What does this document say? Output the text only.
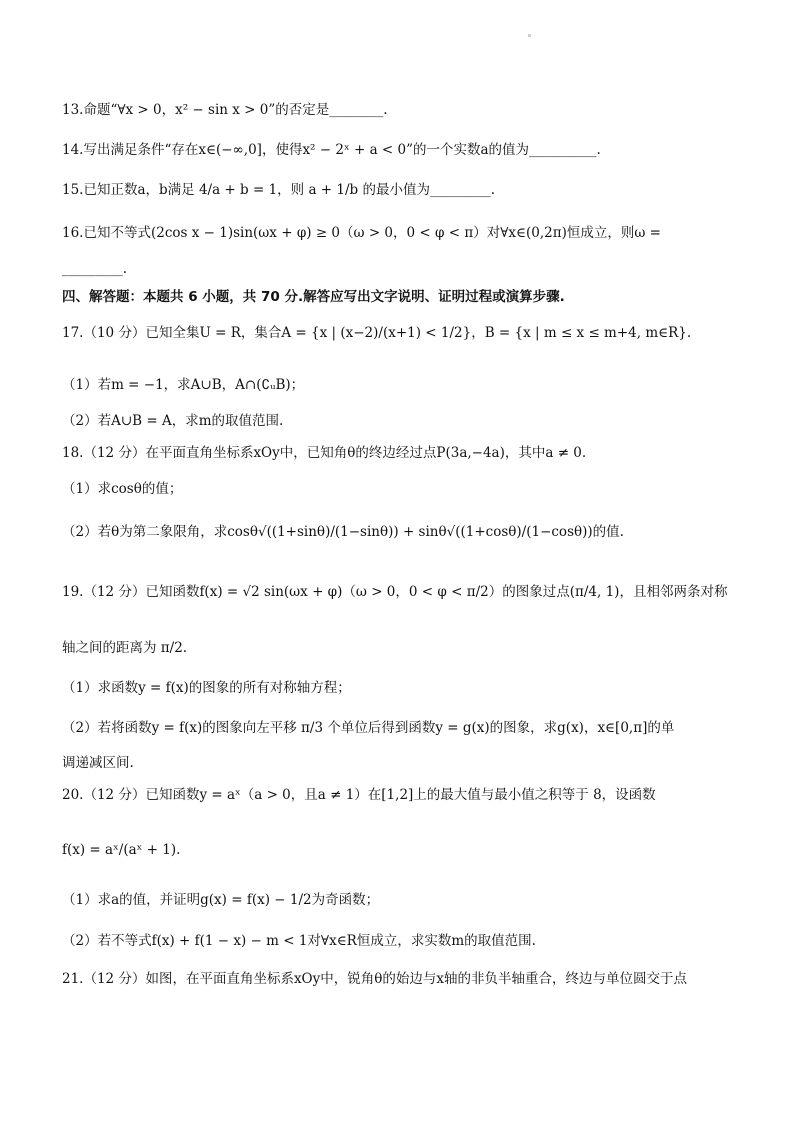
13.命题“∀x > 0，x² − sin x > 0”的否定是________.
14.写出满足条件“存在x∈(−∞,0]，使得x² − 2ˣ + a < 0”的一个实数a的值为__________.
15.已知正数a，b满足 4/a + b = 1，则 a + 1/b 的最小值为_________.
16.已知不等式(2cos x − 1)sin(ωx + φ) ≥ 0（ω > 0，0 < φ < π）对∀x∈(0,2π)恒成立，则ω =
_________.
四、解答题：本题共 6 小题，共 70 分.解答应写出文字说明、证明过程或演算步骤.
17.（10 分）已知全集U = R，集合A = {x | (x−2)/(x+1) < 1/2}，B = {x | m ≤ x ≤ m+4, m∈R}.
（1）若m = −1，求A∪B，A∩(∁ᵤB)；
（2）若A∪B = A，求m的取值范围.
18.（12 分）在平面直角坐标系xOy中，已知角θ的终边经过点P(3a,−4a)，其中a ≠ 0.
（1）求cosθ的值；
（2）若θ为第二象限角，求cosθ√((1+sinθ)/(1−sinθ)) + sinθ√((1+cosθ)/(1−cosθ))的值.
19.（12 分）已知函数f(x) = √2 sin(ωx + φ)（ω > 0，0 < φ < π/2）的图象过点(π/4, 1)，且相邻两条对称
轴之间的距离为 π/2.
（1）求函数y = f(x)的图象的所有对称轴方程；
（2）若将函数y = f(x)的图象向左平移 π/3 个单位后得到函数y = g(x)的图象，求g(x)，x∈[0,π]的单
调递减区间.
20.（12 分）已知函数y = aˣ（a > 0，且a ≠ 1）在[1,2]上的最大值与最小值之积等于 8，设函数
f(x) = aˣ/(aˣ + 1).
（1）求a的值，并证明g(x) = f(x) − 1/2为奇函数；
（2）若不等式f(x) + f(1 − x) − m < 1对∀x∈R恒成立，求实数m的取值范围.
21.（12 分）如图，在平面直角坐标系xOy中，锐角θ的始边与x轴的非负半轴重合，终边与单位圆交于点
